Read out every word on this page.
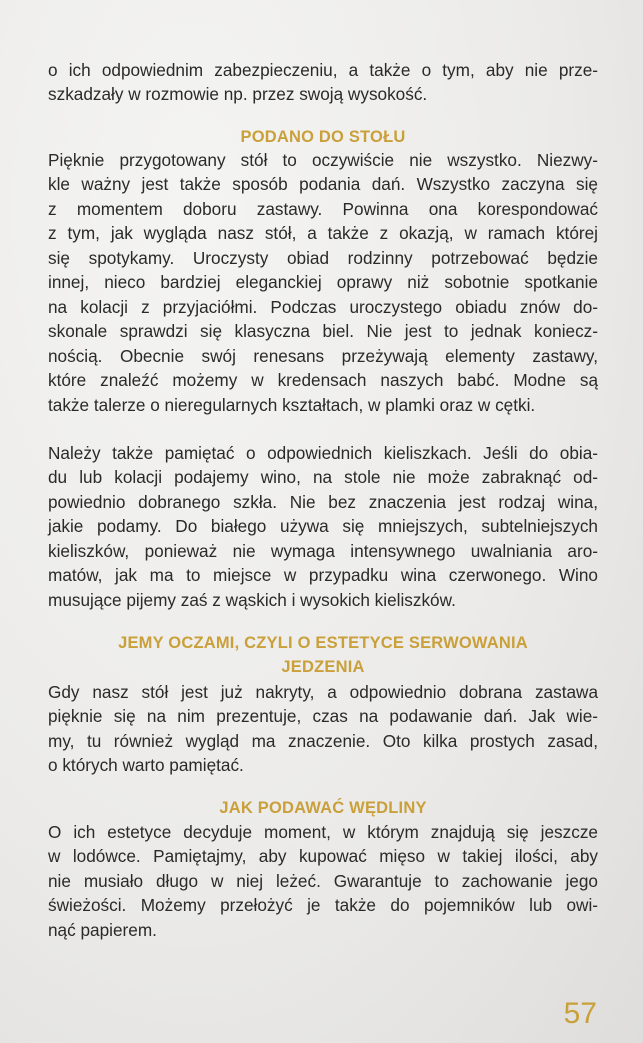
o ich odpowiednim zabezpieczeniu, a także o tym, aby nie prze-
szkadzały w rozmowie np. przez swoją wysokość.
PODANO DO STOŁU
Pięknie przygotowany stół to oczywiście nie wszystko. Niezwy-
kle ważny jest także sposób podania dań. Wszystko zaczyna się
z momentem doboru zastawy. Powinna ona korespondować
z tym, jak wygląda nasz stół, a także z okazją, w ramach której
się spotykamy. Uroczysty obiad rodzinny potrzebować będzie
innej, nieco bardziej eleganckiej oprawy niż sobotnie spotkanie
na kolacji z przyjaciółmi. Podczas uroczystego obiadu znów do-
skonale sprawdzi się klasyczna biel. Nie jest to jednak koniecz-
nością. Obecnie swój renesans przeżywają elementy zastawy,
które znaleźć możemy w kredensach naszych babć. Modne są
także talerze o nieregularnych kształtach, w plamki oraz w cętki.
Należy także pamiętać o odpowiednich kieliszkach. Jeśli do obia-
du lub kolacji podajemy wino, na stole nie może zabraknąć od-
powiednio dobranego szkła. Nie bez znaczenia jest rodzaj wina,
jakie podamy. Do białego używa się mniejszych, subtelniejszych
kieliszków, ponieważ nie wymaga intensywnego uwalniania aro-
matów, jak ma to miejsce w przypadku wina czerwonego. Wino
musujące pijemy zaś z wąskich i wysokich kieliszków.
JEMY OCZAMI, CZYLI O ESTETYCE SERWOWANIA
JEDZENIA
Gdy nasz stół jest już nakryty, a odpowiednio dobrana zastawa
pięknie się na nim prezentuje, czas na podawanie dań. Jak wie-
my, tu również wygląd ma znaczenie. Oto kilka prostych zasad,
o których warto pamiętać.
JAK PODAWAĆ WĘDLINY
O ich estetyce decyduje moment, w którym znajdują się jeszcze
w lodówce. Pamiętajmy, aby kupować mięso w takiej ilości, aby
nie musiało długo w niej leżeć. Gwarantuje to zachowanie jego
świeżości. Możemy przełożyć je także do pojemników lub owi-
nąć papierem.
57
